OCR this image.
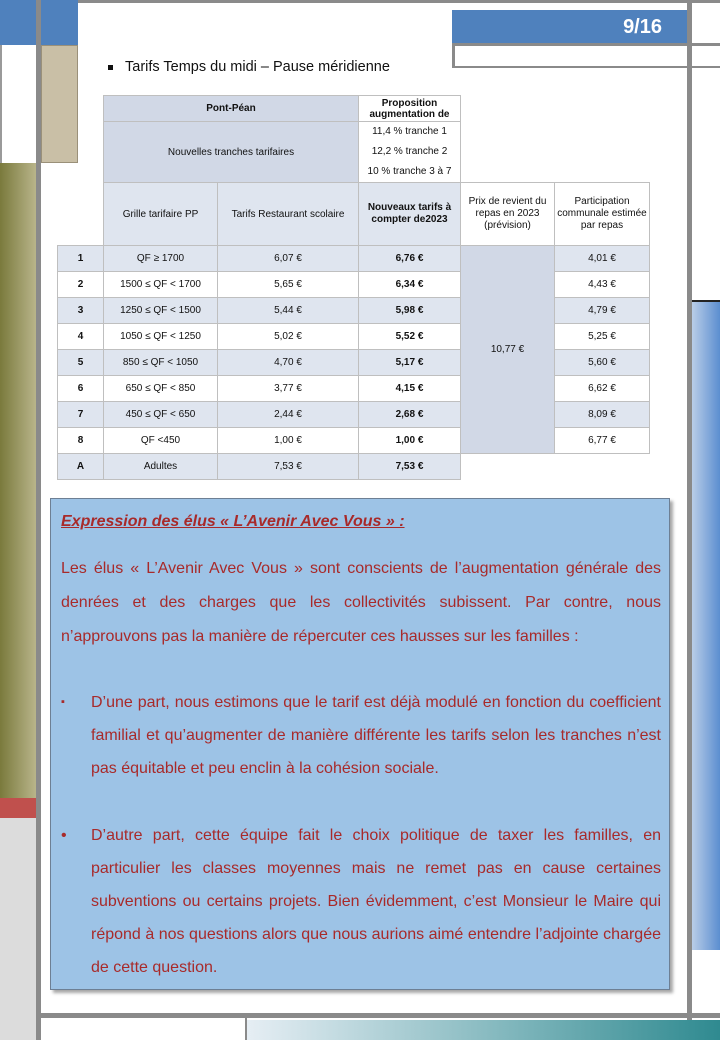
9/16
Tarifs Temps du midi – Pause méridienne
	Pont-Péan		Proposition augmentation de		
	Nouvelles tranches tarifaires		11,4 % tranche 1
12,2 % tranche 2
10 % tranche 3 à 7		

	Grille tarifaire PP	Tarifs Restaurant scolaire	Nouveaux tarifs à compter de2023	Prix de revient du repas en 2023 (prévision)	Participation communale estimée par repas
1	QF ≥ 1700	6,07 €	6,76 €	10,77 €	4,01 €
2	1500 ≤ QF < 1700	5,65 €	6,34 €		4,43 €
3	1250 ≤ QF < 1500	5,44 €	5,98 €		4,79 €
4	1050 ≤ QF < 1250	5,02 €	5,52 €		5,25 €
5	850 ≤ QF < 1050	4,70 €	5,17 €		5,60 €
6	650 ≤ QF < 850	3,77 €	4,15 €		6,62 €
7	450 ≤ QF < 650	2,44 €	2,68 €		8,09 €
8	QF <450	1,00 €	1,00 €		6,77 €
A	Adultes	7,53 €	7,53 €		
Expression des élus « L’Avenir Avec Vous » :
Les élus « L’Avenir Avec Vous » sont conscients de l’augmentation générale des denrées et des charges que les collectivités subissent. Par contre, nous n’approuvons pas la manière de répercuter ces hausses sur les familles :
▪ D’une part, nous estimons que le tarif est déjà modulé en fonction du coefficient familial et qu’augmenter de manière différente les tarifs selon les tranches n’est pas équitable et peu enclin à la cohésion sociale.
• D’autre part, cette équipe fait le choix politique de taxer les familles, en particulier les classes moyennes mais ne remet pas en cause certaines subventions ou certains projets. Bien évidemment, c’est Monsieur le Maire qui répond à nos questions alors que nous aurions aimé entendre l’adjointe chargée de cette question.
